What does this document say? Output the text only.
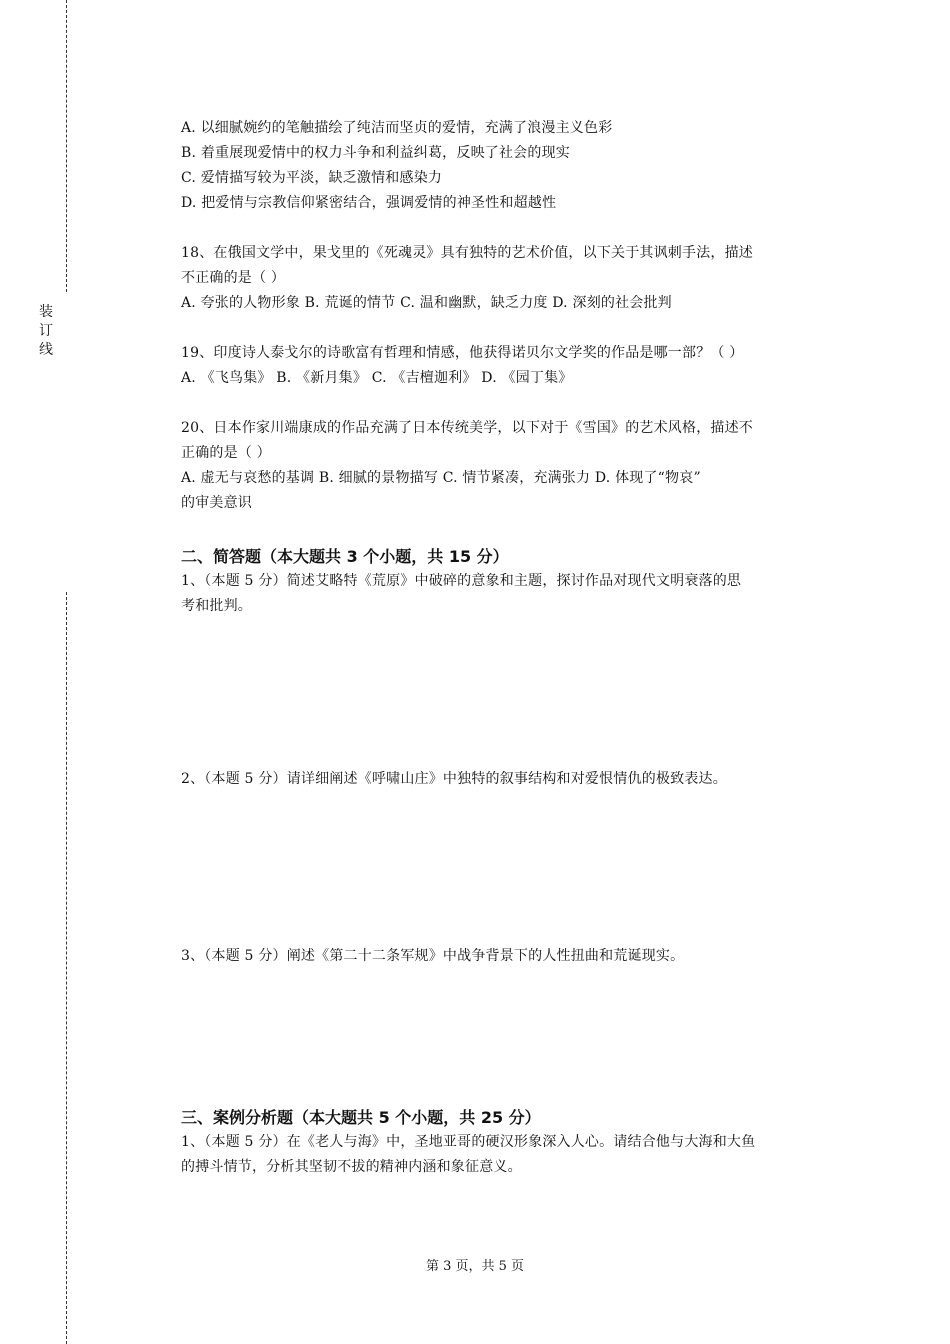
装
订
线
A. 以细腻婉约的笔触描绘了纯洁而坚贞的爱情，充满了浪漫主义色彩
B. 着重展现爱情中的权力斗争和利益纠葛，反映了社会的现实
C. 爱情描写较为平淡，缺乏激情和感染力
D. 把爱情与宗教信仰紧密结合，强调爱情的神圣性和超越性
18、在俄国文学中，果戈里的《死魂灵》具有独特的艺术价值，以下关于其讽刺手法，描述
不正确的是（ ）
A. 夸张的人物形象 B. 荒诞的情节 C. 温和幽默，缺乏力度 D. 深刻的社会批判
19、印度诗人泰戈尔的诗歌富有哲理和情感，他获得诺贝尔文学奖的作品是哪一部？（ ）
A. 《飞鸟集》 B. 《新月集》 C. 《吉檀迦利》 D. 《园丁集》
20、日本作家川端康成的作品充满了日本传统美学，以下对于《雪国》的艺术风格，描述不
正确的是（ ）
A. 虚无与哀愁的基调 B. 细腻的景物描写 C. 情节紧凑，充满张力 D. 体现了“物哀”
的审美意识
二、简答题（本大题共 3 个小题，共 15 分）
1、（本题 5 分）简述艾略特《荒原》中破碎的意象和主题，探讨作品对现代文明衰落的思
考和批判。
2、（本题 5 分）请详细阐述《呼啸山庄》中独特的叙事结构和对爱恨情仇的极致表达。
3、（本题 5 分）阐述《第二十二条军规》中战争背景下的人性扭曲和荒诞现实。
三、案例分析题（本大题共 5 个小题，共 25 分）
1、（本题 5 分）在《老人与海》中，圣地亚哥的硬汉形象深入人心。请结合他与大海和大鱼
的搏斗情节，分析其坚韧不拔的精神内涵和象征意义。
第 3 页，共 5 页
